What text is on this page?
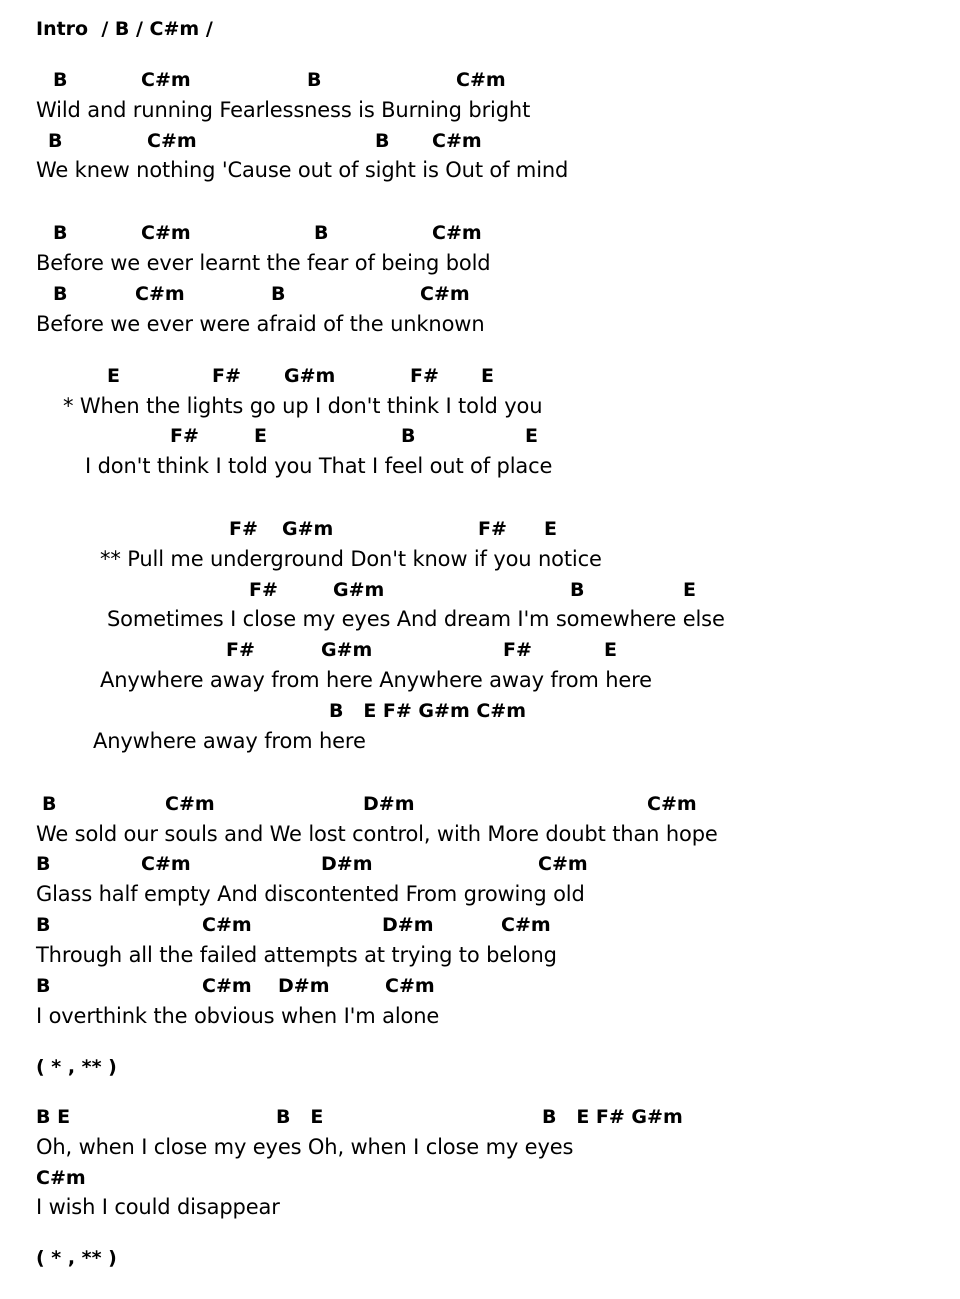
Intro  / B / C#m /
B	C#m	B	C#m
Wild and running Fearlessness is Burning bright
B	C#m	B C#m
We knew nothing 'Cause out of sight is Out of mind
B	C#m	B	C#m
Before we ever learnt the fear of being bold
B	C#m	B	C#m
Before we ever were afraid of the unknown
E	F# G#m	F# E
* When the lights go up I don't think I told you
F#	E	B	E
I don't think I told you That I feel out of place
F# G#m	F# E
** Pull me underground Don't know if you notice
F#	G#m	B	E
Sometimes I close my eyes And dream I'm somewhere else
F#	G#m	F#	E
Anywhere away from here Anywhere away from here
B   E F# G#m C#m
Anywhere away from here
B	C#m	D#m	C#m
We sold our souls and We lost control, with More doubt than hope
B	C#m	D#m	C#m
Glass half empty And discontented From growing old
B	C#m	D#m	C#m
Through all the failed attempts at trying to belong
B	C#m D#m	C#m
I overthink the obvious when I'm alone
( * , ** )
B E	B   E	B   E F# G#m
Oh, when I close my eyes Oh, when I close my eyes
C#m
I wish I could disappear
( * , ** )
